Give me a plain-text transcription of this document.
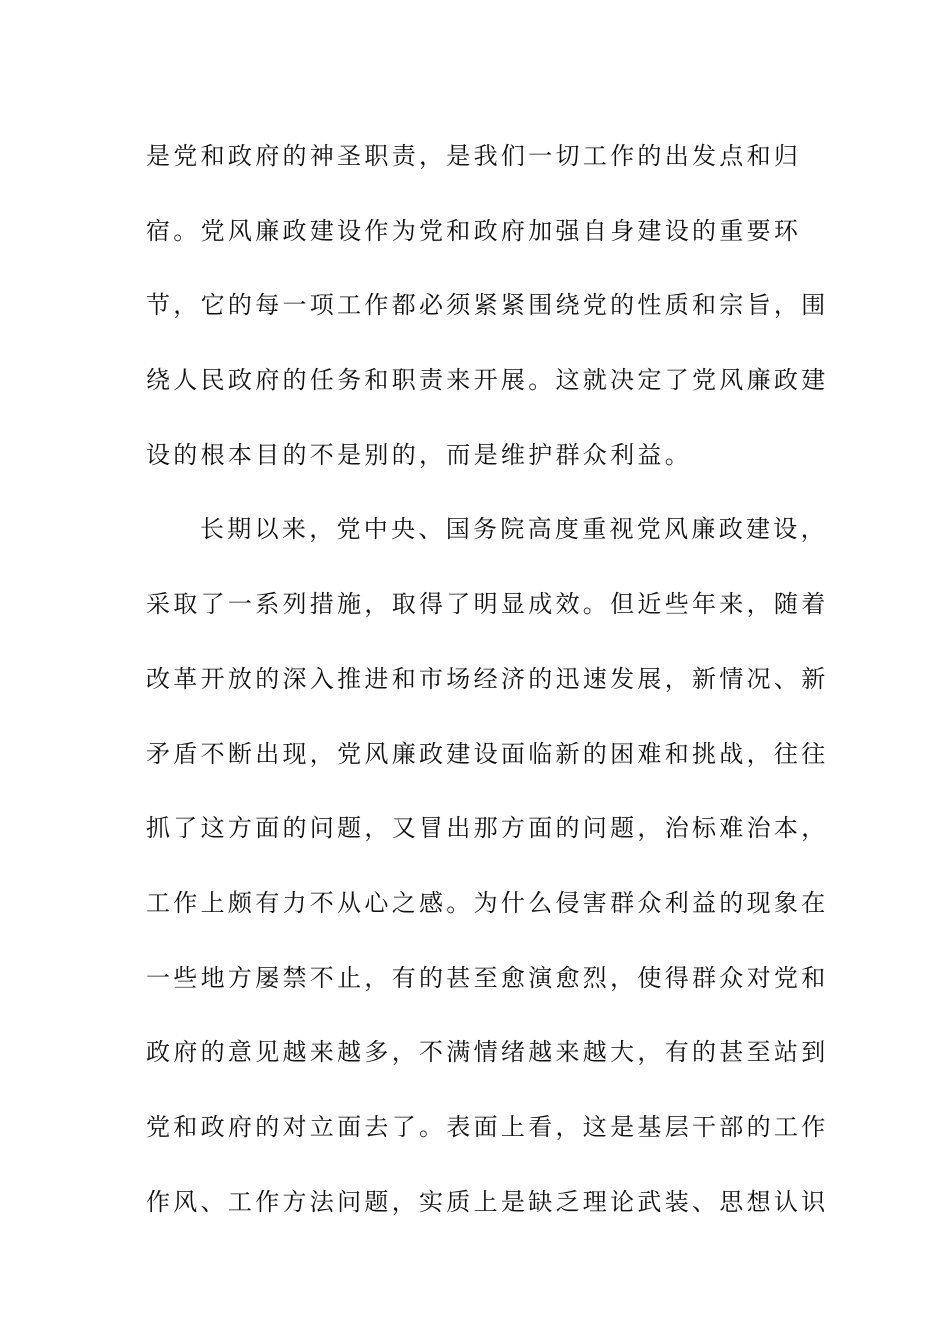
是党和政府的神圣职责，是我们一切工作的出发点和归
宿。党风廉政建设作为党和政府加强自身建设的重要环
节，它的每一项工作都必须紧紧围绕党的性质和宗旨，围
绕人民政府的任务和职责来开展。这就决定了党风廉政建
设的根本目的不是别的，而是维护群众利益。
长期以来，党中央、国务院高度重视党风廉政建设，
采取了一系列措施，取得了明显成效。但近些年来，随着
改革开放的深入推进和市场经济的迅速发展，新情况、新
矛盾不断出现，党风廉政建设面临新的困难和挑战，往往
抓了这方面的问题，又冒出那方面的问题，治标难治本，
工作上颇有力不从心之感。为什么侵害群众利益的现象在
一些地方屡禁不止，有的甚至愈演愈烈，使得群众对党和
政府的意见越来越多，不满情绪越来越大，有的甚至站到
党和政府的对立面去了。表面上看，这是基层干部的工作
作风、工作方法问题，实质上是缺乏理论武装、思想认识
